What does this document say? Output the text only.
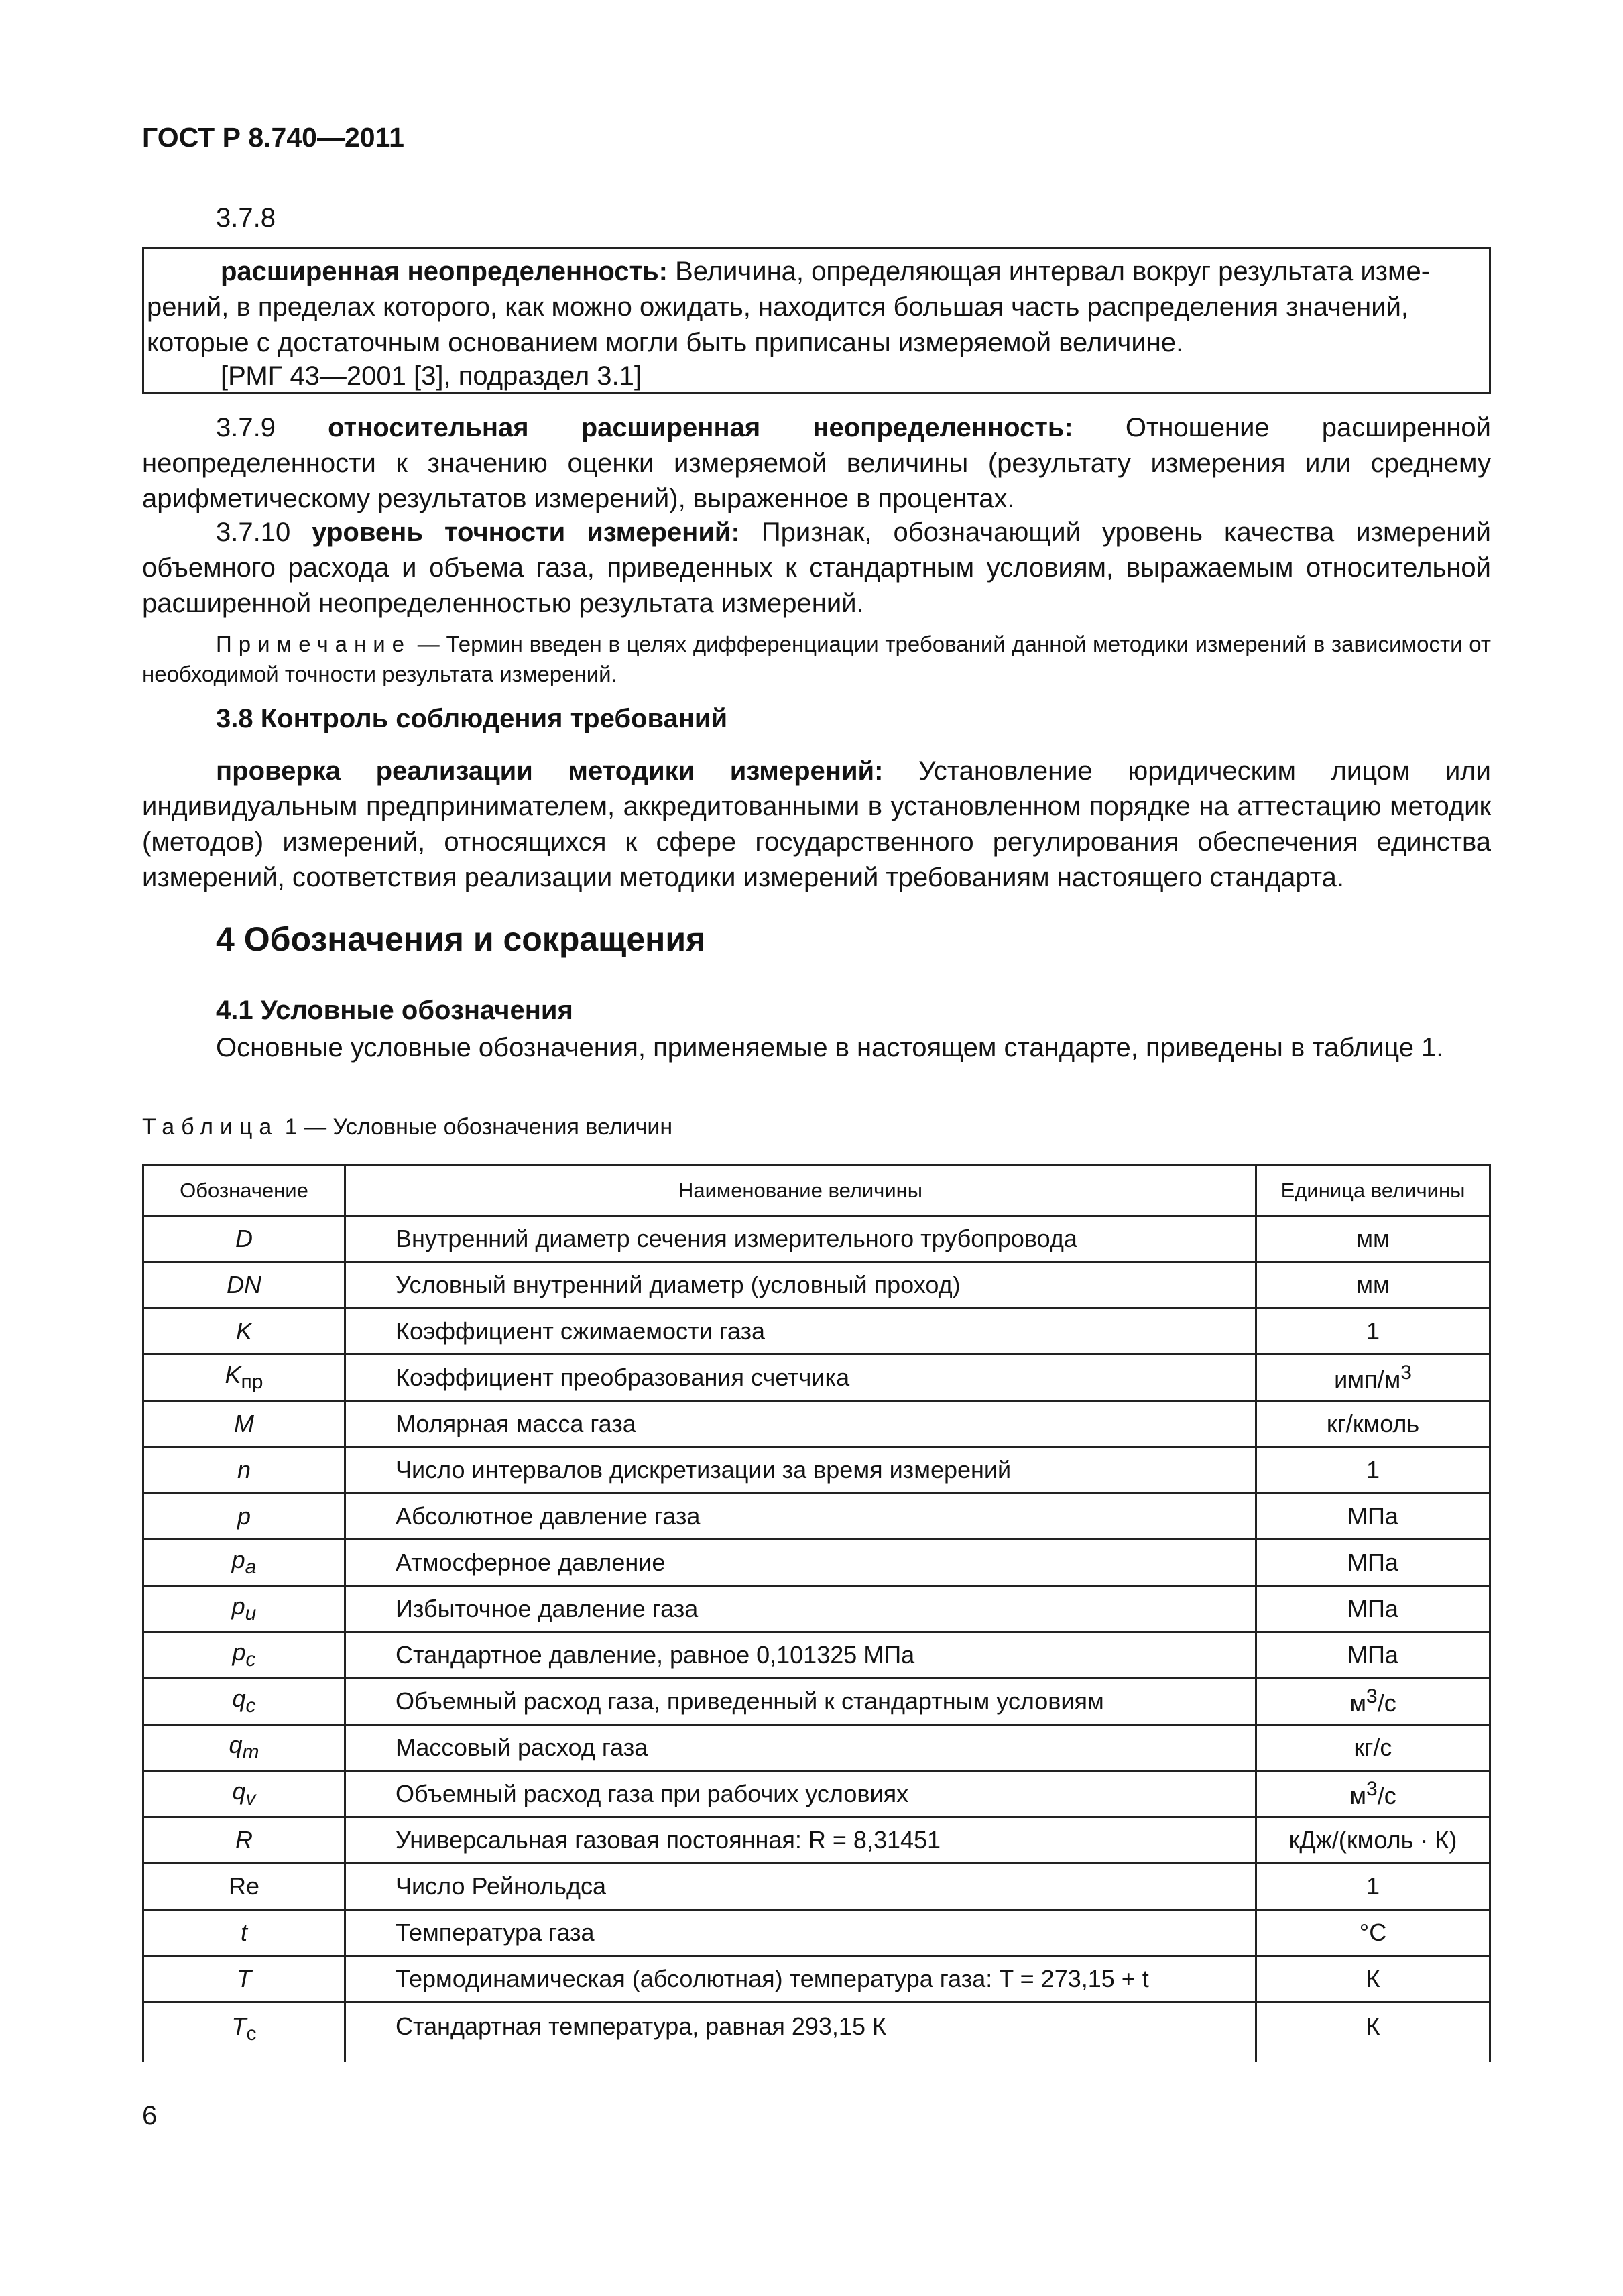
ГОСТ Р 8.740—2011
3.7.8
расширенная неопределенность: Величина, определяющая интервал вокруг результата изме-
рений, в пределах которого, как можно ожидать, находится большая часть распределения значений,
которые с достаточным основанием могли быть приписаны измеряемой величине.
[РМГ 43—2001 [3], подраздел 3.1]
3.7.9 относительная расширенная неопределенность: Отношение расширенной неопределенности к значению оценки измеряемой величины (результату измерения или среднему арифметическому результатов измерений), выраженное в процентах.
3.7.10 уровень точности измерений: Признак, обозначающий уровень качества измерений объемного расхода и объема газа, приведенных к стандартным условиям, выражаемым относительной расширенной неопределенностью результата измерений.
Примечание — Термин введен в целях дифференциации требований данной методики измерений в зависимости от необходимой точности результата измерений.
3.8 Контроль соблюдения требований
проверка реализации методики измерений: Установление юридическим лицом или индивидуальным предпринимателем, аккредитованными в установленном порядке на аттестацию методик (методов) измерений, относящихся к сфере государственного регулирования обеспечения единства измерений, соответствия реализации методики измерений требованиям настоящего стандарта.
4 Обозначения и сокращения
4.1 Условные обозначения
Основные условные обозначения, применяемые в настоящем стандарте, приведены в таблице 1.
Таблица 1 — Условные обозначения величин
Обозначение	Наименование величины	Единица величины
D	Внутренний диаметр сечения измерительного трубопровода	мм
DN	Условный внутренний диаметр (условный проход)	мм
K	Коэффициент сжимаемости газа	1
$K_{пр}$	Коэффициент преобразования счетчика	имп/$м^3$
M	Молярная масса газа	кг/кмоль
n	Число интервалов дискретизации за время измерений	1
p	Абсолютное давление газа	МПа
$p_a$	Атмосферное давление	МПа
$p_u$	Избыточное давление газа	МПа
$p_c$	Стандартное давление, равное 0,101325 МПа	МПа
$q_c$	Объемный расход газа, приведенный к стандартным условиям	$м^3/с$
$q_m$	Массовый расход газа	кг/с
$q_v$	Объемный расход газа при рабочих условиях	$м^3/с$
R	Универсальная газовая постоянная: R = 8,31451	кДж/(кмоль · К)
Re	Число Рейнольдса	1
t	Температура газа	°С
T	Термодинамическая (абсолютная) температура газа: T = 273,15 + t	К
$T_c$	Стандартная температура, равная 293,15 К	К
6
